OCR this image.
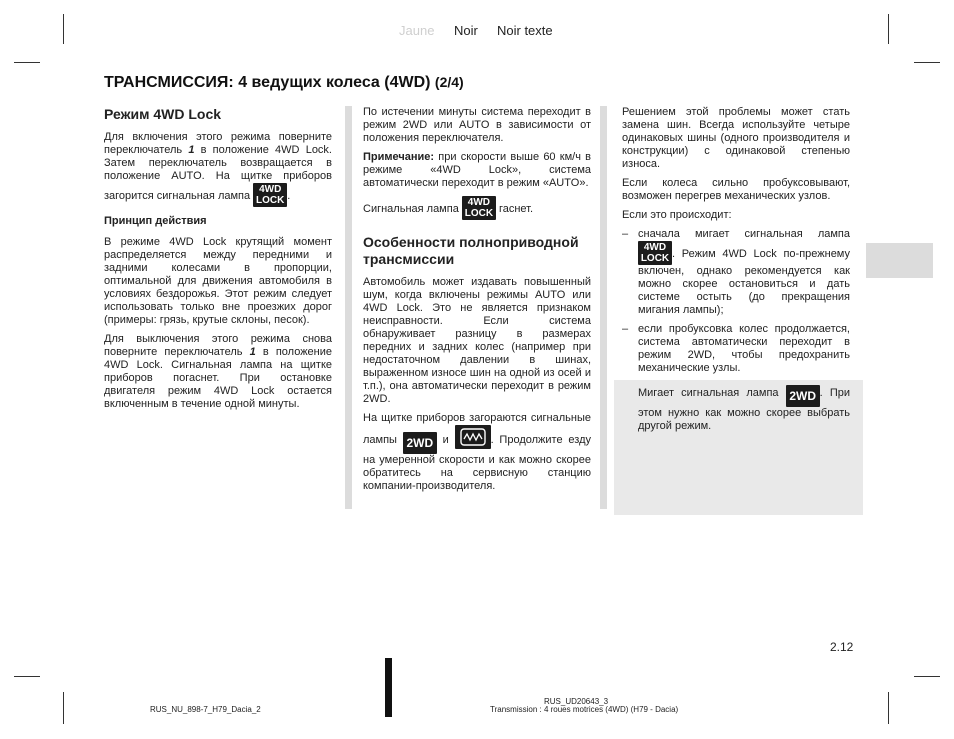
Jaune Noir Noir texte
ТРАНСМИССИЯ: 4 ведущих колеса (4WD) (2/4)
Режим 4WD Lock

Для включения этого режима поверните переключатель 1 в положение 4WD Lock. Затем переключатель возвращается в положение AUTO. На щитке приборов загорится сигнальная лампа 4WD
LOCK .

Принцип действия

В режиме 4WD Lock крутящий момент распределяется между передними и задними колесами в пропорции, оптимальной для движения автомобиля в условиях бездорожья. Этот режим следует использовать только вне проезжих дорог (примеры: грязь, крутые склоны, песок).

Для выключения этого режима снова поверните переключатель 1 в положение 4WD Lock. Сигнальная лампа на щитке приборов погаснет. При остановке двигателя режим 4WD Lock остается включенным в течение одной минуты.

По истечении минуты система переходит в режим 2WD или AUTO в зависимости от положения переключателя.

Примечание: при скорости выше 60 км/ч в режиме «4WD Lock», система автоматически переходит в режим «AUTO».

Сигнальная лампа 4WD
LOCK гаснет.

Особенности полноприводной трансмиссии

Автомобиль может издавать повышенный шум, когда включены режимы AUTO или 4WD Lock. Это не является признаком неисправности. Если система обнаруживает разницу в размерах передних и задних колес (например при недостаточном давлении в шинах, выраженном износе шин на одной из осей и т.п.), она автоматически переходит в режим 2WD.

На щитке приборов загораются сигнальные лампы 2WD и	. Продолжите езду на умеренной скорости и как можно скорее обратитесь на сервисную станцию компании-производителя.

Решением этой проблемы может стать замена шин. Всегда используйте четыре одинаковых шины (одного производителя и конструкции) с одинаковой степенью износа.

Если колеса сильно пробуксовывают, возможен перегрев механических узлов.

Если это происходит:

– сначала мигает сигнальная лампа 4WD
LOCK . Режим 4WD Lock по-прежнему включен, однако рекомендуется как можно скорее остановиться и дать системе остыть (до прекращения мигания лампы);

– если пробуксовка колес продолжается, система автоматически переходит в режим 2WD, чтобы предохранить механические узлы.

Мигает сигнальная лампа 2WD . При этом нужно как можно скорее выбрать другой режим.

2.12
RUS_NU_898-7_H79_Dacia_2
RUS_UD20643_3
Transmission : 4 roues motrices (4WD) (H79 - Dacia)
